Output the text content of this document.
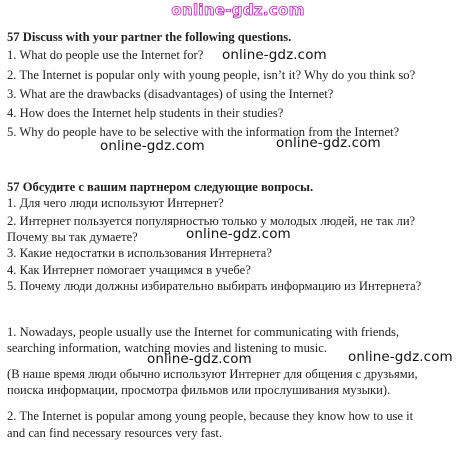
online-gdz.com
57 Discuss with your partner the following questions.
1. What do people use the Internet for?
2. The Internet is popular only with young people, isn’t it? Why do you think so?
3. What are the drawbacks (disadvantages) of using the Internet?
4. How does the Internet help students in their studies?
5. Why do people have to be selective with the information from the Internet?
57 Обсудите с вашим партнером следующие вопросы.
1. Для чего люди используют Интернет?
2. Интернет пользуется популярностью только у молодых людей, не так ли?
Почему вы так думаете?
3. Какие недостатки в использования Интернета?
4. Как Интернет помогает учащимся в учебе?
5. Почему люди должны избирательно выбирать информацию из Интернета?
1. Nowadays, people usually use the Internet for communicating with friends,
searching information, watching movies and listening to music.
(В наше время люди обычно используют Интернет для общения с друзьями,
поиска информации, просмотра фильмов или прослушивания музыки).
2. The Internet is popular among young people, because they know how to use it
and can find necessary resources very fast.
online-gdz.com
online-gdz.com	online-gdz.com
online-gdz.com
online-gdz.com	online-gdz.com
